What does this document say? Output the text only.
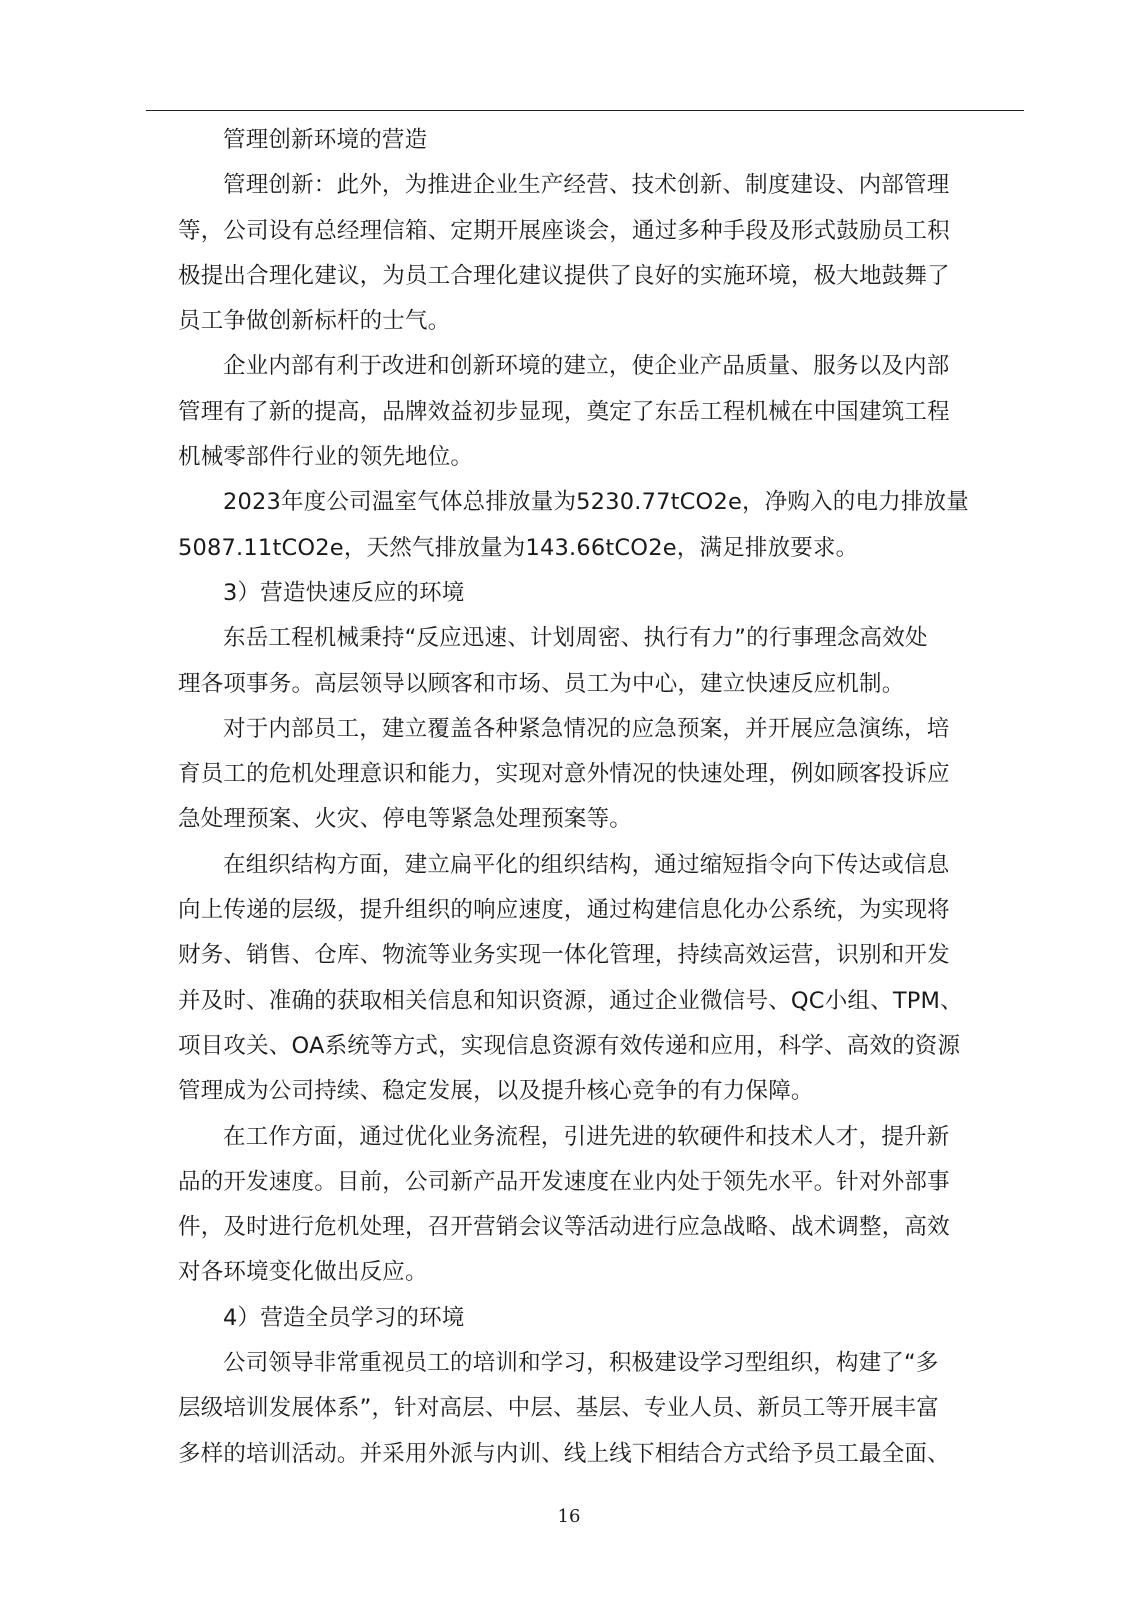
管理创新环境的营造
管理创新：此外，为推进企业生产经营、技术创新、制度建设、内部管理
等，公司设有总经理信箱、定期开展座谈会，通过多种手段及形式鼓励员工积
极提出合理化建议，为员工合理化建议提供了良好的实施环境，极大地鼓舞了
员工争做创新标杆的士气。
企业内部有利于改进和创新环境的建立，使企业产品质量、服务以及内部
管理有了新的提高，品牌效益初步显现，奠定了东岳工程机械在中国建筑工程
机械零部件行业的领先地位。
2023年度公司温室气体总排放量为5230.77tCO2e，净购入的电力排放量
5087.11tCO2e，天然气排放量为143.66tCO2e，满足排放要求。
3）营造快速反应的环境
东岳工程机械秉持“反应迅速、计划周密、执行有力”的行事理念高效处
理各项事务。高层领导以顾客和市场、员工为中心，建立快速反应机制。
对于内部员工，建立覆盖各种紧急情况的应急预案，并开展应急演练，培
育员工的危机处理意识和能力，实现对意外情况的快速处理，例如顾客投诉应
急处理预案、火灾、停电等紧急处理预案等。
在组织结构方面，建立扁平化的组织结构，通过缩短指令向下传达或信息
向上传递的层级，提升组织的响应速度，通过构建信息化办公系统，为实现将
财务、销售、仓库、物流等业务实现一体化管理，持续高效运营，识别和开发
并及时、准确的获取相关信息和知识资源，通过企业微信号、QC小组、TPM、
项目攻关、OA系统等方式，实现信息资源有效传递和应用，科学、高效的资源
管理成为公司持续、稳定发展，以及提升核心竞争的有力保障。
在工作方面，通过优化业务流程，引进先进的软硬件和技术人才，提升新
品的开发速度。目前，公司新产品开发速度在业内处于领先水平。针对外部事
件，及时进行危机处理，召开营销会议等活动进行应急战略、战术调整，高效
对各环境变化做出反应。
4）营造全员学习的环境
公司领导非常重视员工的培训和学习，积极建设学习型组织，构建了“多
层级培训发展体系”，针对高层、中层、基层、专业人员、新员工等开展丰富
多样的培训活动。并采用外派与内训、线上线下相结合方式给予员工最全面、
16
